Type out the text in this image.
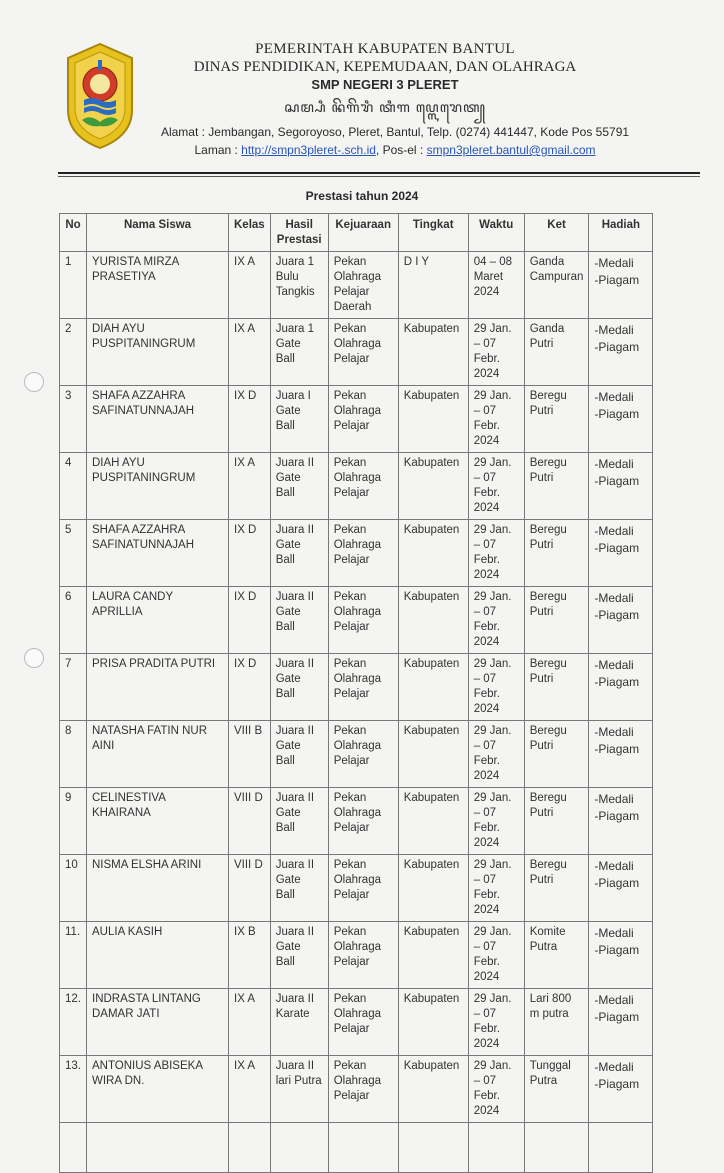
PEMERINTAH KABUPATEN BANTUL
DINAS PENDIDIKAN, KEPEMUDAAN, DAN OLAHRAGA
SMP NEGERI 3 PLERET
ꦱꦩ꧀ꦥꦶ ꦤꦼꦒꦼꦫꦶ ꦠꦶꦒ ꦥ꧀ꦭꦺꦫꦺꦠ꧀
Alamat : Jembangan, Segoroyoso, Pleret, Bantul, Telp. (0274) 441447, Kode Pos 55791
Laman : http://smpn3pleret-.sch.id, Pos-el : smpn3pleret.bantul@gmail.com
Prestasi tahun 2024
No	Nama Siswa	Kelas	Hasil Prestasi	Kejuaraan	Tingkat	Waktu	Ket	Hadiah
1	YURISTA MIRZA PRASETIYA	IX A	Juara 1 Bulu Tangkis	Pekan Olahraga Pelajar Daerah	D I Y	04 – 08 Maret 2024	Ganda Campuran	-Medali
-Piagam

2	DIAH AYU PUSPITANINGRUM	IX A	Juara 1 Gate Ball	Pekan Olahraga Pelajar	Kabupaten	29 Jan. – 07 Febr. 2024	Ganda Putri	-Medali
-Piagam

3	SHAFA AZZAHRA SAFINATUNNAJAH	IX D	Juara I Gate Ball	Pekan Olahraga Pelajar	Kabupaten	29 Jan. – 07 Febr. 2024	Beregu Putri	-Medali
-Piagam

4	DIAH AYU PUSPITANINGRUM	IX A	Juara II Gate Ball	Pekan Olahraga Pelajar	Kabupaten	29 Jan. – 07 Febr. 2024	Beregu Putri	-Medali
-Piagam

5	SHAFA AZZAHRA SAFINATUNNAJAH	IX D	Juara II Gate Ball	Pekan Olahraga Pelajar	Kabupaten	29 Jan. – 07 Febr. 2024	Beregu Putri	-Medali
-Piagam

6	LAURA CANDY APRILLIA	IX D	Juara II Gate Ball	Pekan Olahraga Pelajar	Kabupaten	29 Jan. – 07 Febr. 2024	Beregu Putri	-Medali
-Piagam

7	PRISA PRADITA PUTRI	IX D	Juara II Gate Ball	Pekan Olahraga Pelajar	Kabupaten	29 Jan. – 07 Febr. 2024	Beregu Putri	-Medali
-Piagam

8	NATASHA FATIN NUR AINI	VIII B	Juara II Gate Ball	Pekan Olahraga Pelajar	Kabupaten	29 Jan. – 07 Febr. 2024	Beregu Putri	-Medali
-Piagam

9	CELINESTIVA KHAIRANA	VIII D	Juara II Gate Ball	Pekan Olahraga Pelajar	Kabupaten	29 Jan. – 07 Febr. 2024	Beregu Putri	-Medali
-Piagam

10	NISMA ELSHA ARINI	VIII D	Juara II Gate Ball	Pekan Olahraga Pelajar	Kabupaten	29 Jan. – 07 Febr. 2024	Beregu Putri	-Medali
-Piagam

11.	AULIA KASIH	IX B	Juara II Gate Ball	Pekan Olahraga Pelajar	Kabupaten	29 Jan. – 07 Febr. 2024	Komite Putra	-Medali
-Piagam

12.	INDRASTA LINTANG DAMAR JATI	IX A	Juara II Karate	Pekan Olahraga Pelajar	Kabupaten	29 Jan. – 07 Febr. 2024	Lari 800 m putra	-Medali
-Piagam

13.	ANTONIUS ABISEKA WIRA DN.	IX A	Juara II lari Putra	Pekan Olahraga Pelajar	Kabupaten	29 Jan. – 07 Febr. 2024	Tunggal Putra	-Medali
-Piagam
